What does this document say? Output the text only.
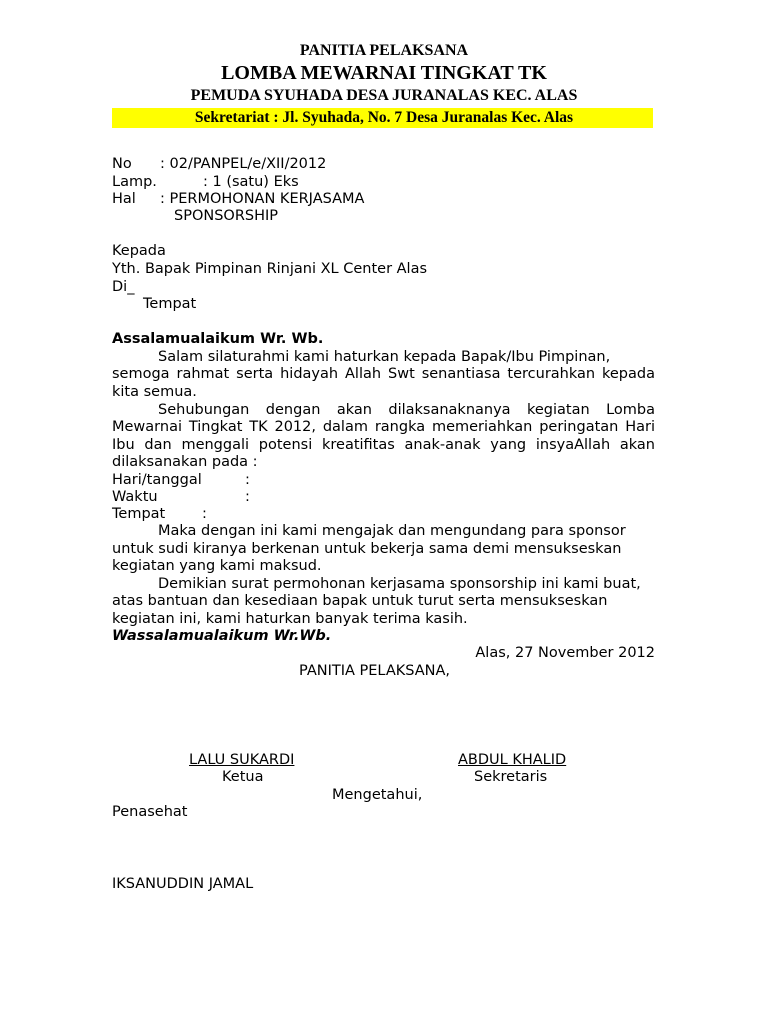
PANITIA PELAKSANA
LOMBA MEWARNAI TINGKAT TK
PEMUDA SYUHADA DESA JURANALAS KEC. ALAS
Sekretariat : Jl. Syuhada, No. 7 Desa Juranalas Kec. Alas
No : 02/PANPEL/e/XII/2012
Lamp.	: 1 (satu) Eks
Hal : PERMOHONAN KERJASAMA
SPONSORSHIP
Kepada
Yth. Bapak Pimpinan Rinjani XL Center Alas
Di_
Tempat
Assalamualaikum Wr. Wb.
Salam silaturahmi kami haturkan kepada Bapak/Ibu Pimpinan,
semoga rahmat serta hidayah Allah Swt senantiasa tercurahkan kepada
kita semua.
Sehubungan dengan akan dilaksanaknanya kegiatan Lomba
Mewarnai Tingkat TK 2012, dalam rangka memeriahkan peringatan Hari
Ibu dan menggali potensi kreatifitas anak-anak yang insyaAllah akan
dilaksanakan pada :
Hari/tanggal	:
Waktu	:
Tempat	:
Maka dengan ini kami mengajak dan mengundang para sponsor
untuk sudi kiranya berkenan untuk bekerja sama demi mensukseskan
kegiatan yang kami maksud.
Demikian surat permohonan kerjasama sponsorship ini kami buat,
atas bantuan dan kesediaan bapak untuk turut serta mensukseskan
kegiatan ini, kami haturkan banyak terima kasih.
Wassalamualaikum Wr.Wb.
Alas, 27 November 2012
PANITIA PELAKSANA,
LALU SUKARDI
Ketua
ABDUL KHALID
Sekretaris
Mengetahui,
Penasehat
IKSANUDDIN JAMAL
